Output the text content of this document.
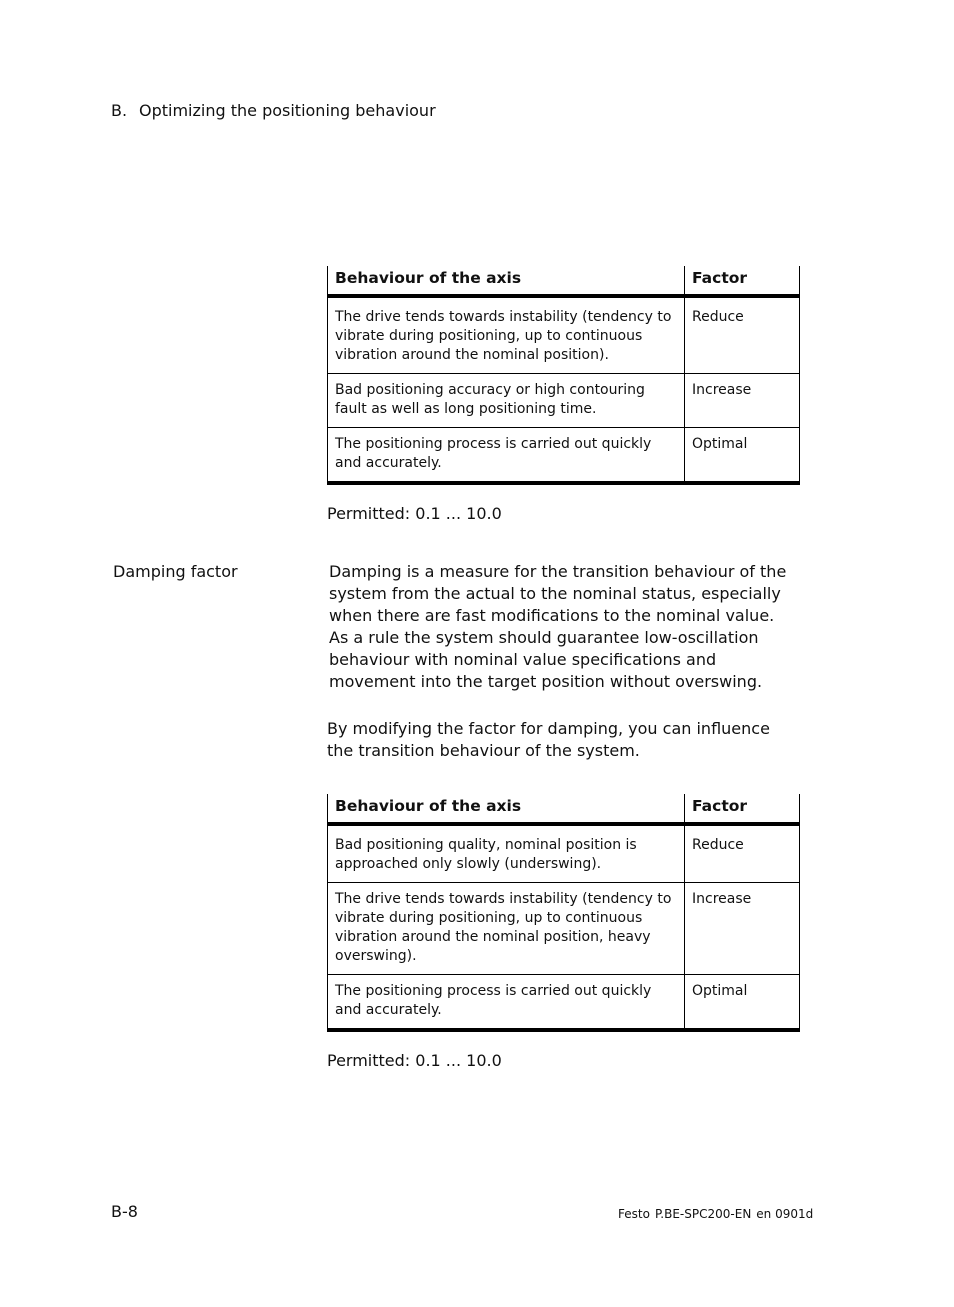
B. Optimizing the positioning behaviour
Behaviour of the axis	Factor
The drive tends towards instability (tendency to vibrate during positioning, up to continuous vibration around the nominal position).	Reduce
Bad positioning accuracy or high contouring fault as well as long positioning time.	Increase
The positioning process is carried out quickly and accurately.	Optimal
Permitted: 0.1 ... 10.0
Damping factor	Damping is a measure for the transition behaviour of the system from the actual to the nominal status, especially when there are fast modifications to the nominal value. As a rule the system should guarantee low-oscillation behaviour with nominal value specifications and movement into the target position without overswing.
By modifying the factor for damping, you can influence the transition behaviour of the system.
Behaviour of the axis	Factor
Bad positioning quality, nominal position is approached only slowly (underswing).	Reduce
The drive tends towards instability (tendency to vibrate during positioning, up to continuous vibration around the nominal position, heavy overswing).	Increase
The positioning process is carried out quickly and accurately.	Optimal
Permitted: 0.1 ... 10.0
B-8	Festo P.BE-SPC200-EN en 0901d
